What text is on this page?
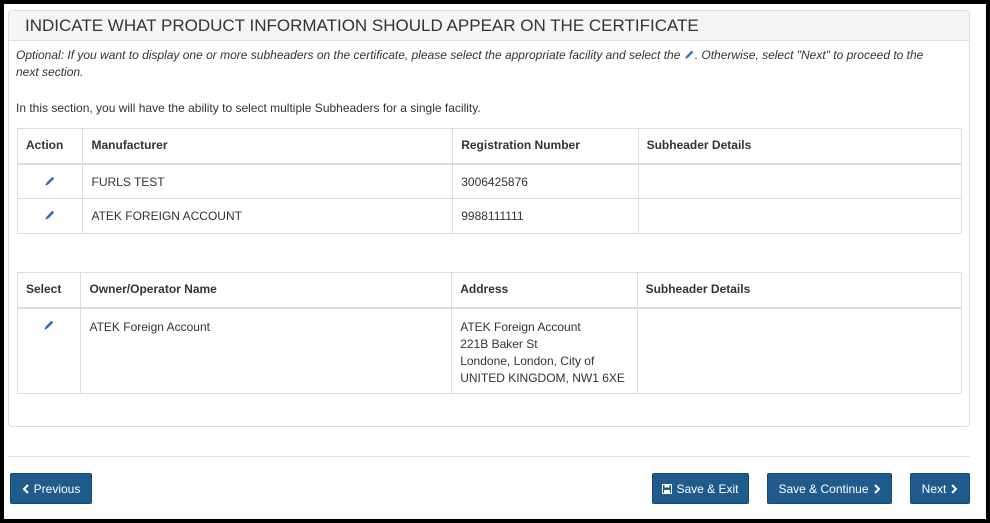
INDICATE WHAT PRODUCT INFORMATION SHOULD APPEAR ON THE CERTIFICATE
Optional: If you want to display one or more subheaders on the certificate, please select the appropriate facility and select the . Otherwise, select "Next" to proceed to the next section.
In this section, you will have the ability to select multiple Subheaders for a single facility.
Action	Manufacturer	Registration Number	Subheader Details
	FURLS TEST	3006425876	
	ATEK FOREIGN ACCOUNT	9988111111	
Select	Owner/Operator Name	Address	Subheader Details
	ATEK Foreign Account	ATEK Foreign Account
221B Baker St
Londone, London, City of
UNITED KINGDOM, NW1 6XE	

Previous	Save & Exit	Save & Continue	Next
